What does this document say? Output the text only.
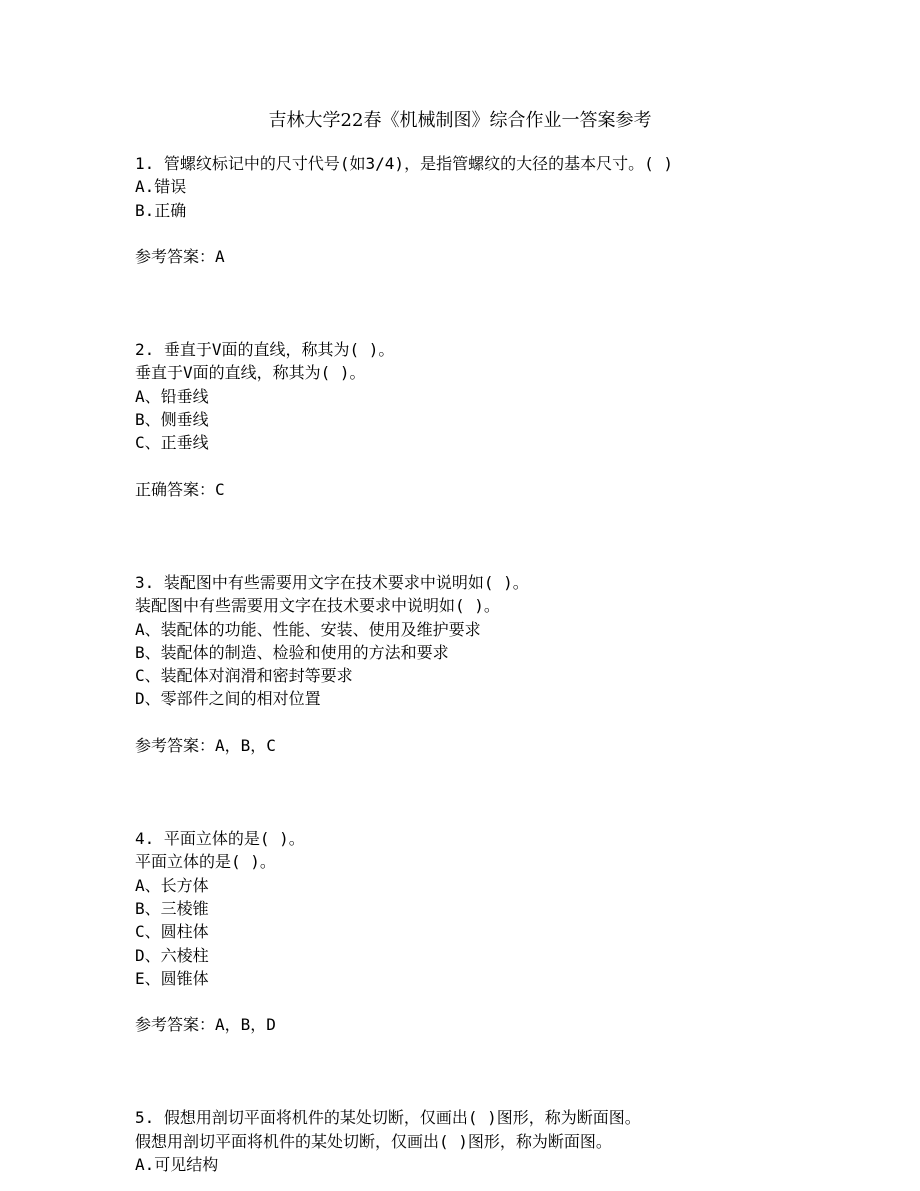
吉林大学22春《机械制图》综合作业一答案参考
1. 管螺纹标记中的尺寸代号(如3/4)，是指管螺纹的大径的基本尺寸。( )
A.错误
B.正确
参考答案：A
2. 垂直于V面的直线，称其为( )。
垂直于V面的直线，称其为( )。
A、铅垂线
B、侧垂线
C、正垂线
正确答案：C
3. 装配图中有些需要用文字在技术要求中说明如( )。
装配图中有些需要用文字在技术要求中说明如( )。
A、装配体的功能、性能、安装、使用及维护要求
B、装配体的制造、检验和使用的方法和要求
C、装配体对润滑和密封等要求
D、零部件之间的相对位置
参考答案：A，B，C
4. 平面立体的是( )。
平面立体的是( )。
A、长方体
B、三棱锥
C、圆柱体
D、六棱柱
E、圆锥体
参考答案：A，B，D
5. 假想用剖切平面将机件的某处切断，仅画出( )图形，称为断面图。
假想用剖切平面将机件的某处切断，仅画出( )图形，称为断面图。
A.可见结构
